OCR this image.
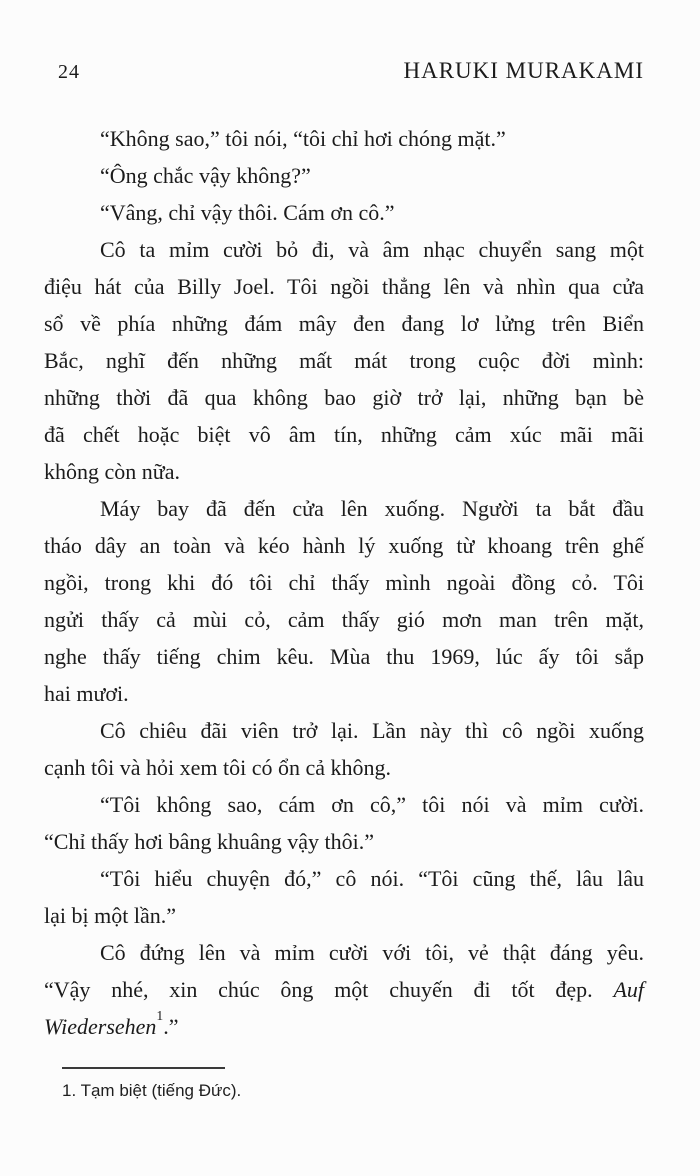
24	HARUKI MURAKAMI
“Không sao,” tôi nói, “tôi chỉ hơi chóng mặt.”
“Ông chắc vậy không?”
“Vâng, chỉ vậy thôi. Cám ơn cô.”
Cô ta mỉm cười bỏ đi, và âm nhạc chuyển sang một
điệu hát của Billy Joel. Tôi ngồi thẳng lên và nhìn qua cửa
sổ về phía những đám mây đen đang lơ lửng trên Biển
Bắc, nghĩ đến những mất mát trong cuộc đời mình:
những thời đã qua không bao giờ trở lại, những bạn bè
đã chết hoặc biệt vô âm tín, những cảm xúc mãi mãi
không còn nữa.
Máy bay đã đến cửa lên xuống. Người ta bắt đầu
tháo dây an toàn và kéo hành lý xuống từ khoang trên ghế
ngồi, trong khi đó tôi chỉ thấy mình ngoài đồng cỏ. Tôi
ngửi thấy cả mùi cỏ, cảm thấy gió mơn man trên mặt,
nghe thấy tiếng chim kêu. Mùa thu 1969, lúc ấy tôi sắp
hai mươi.
Cô chiêu đãi viên trở lại. Lần này thì cô ngồi xuống
cạnh tôi và hỏi xem tôi có ổn cả không.
“Tôi không sao, cám ơn cô,” tôi nói và mỉm cười.
“Chỉ thấy hơi bâng khuâng vậy thôi.”
“Tôi hiểu chuyện đó,” cô nói. “Tôi cũng thế, lâu lâu
lại bị một lần.”
Cô đứng lên và mỉm cười với tôi, vẻ thật đáng yêu.
“Vậy nhé, xin chúc ông một chuyến đi tốt đẹp. Auf
Wiedersehen$^1$.”
1. Tạm biệt (tiếng Đức).
